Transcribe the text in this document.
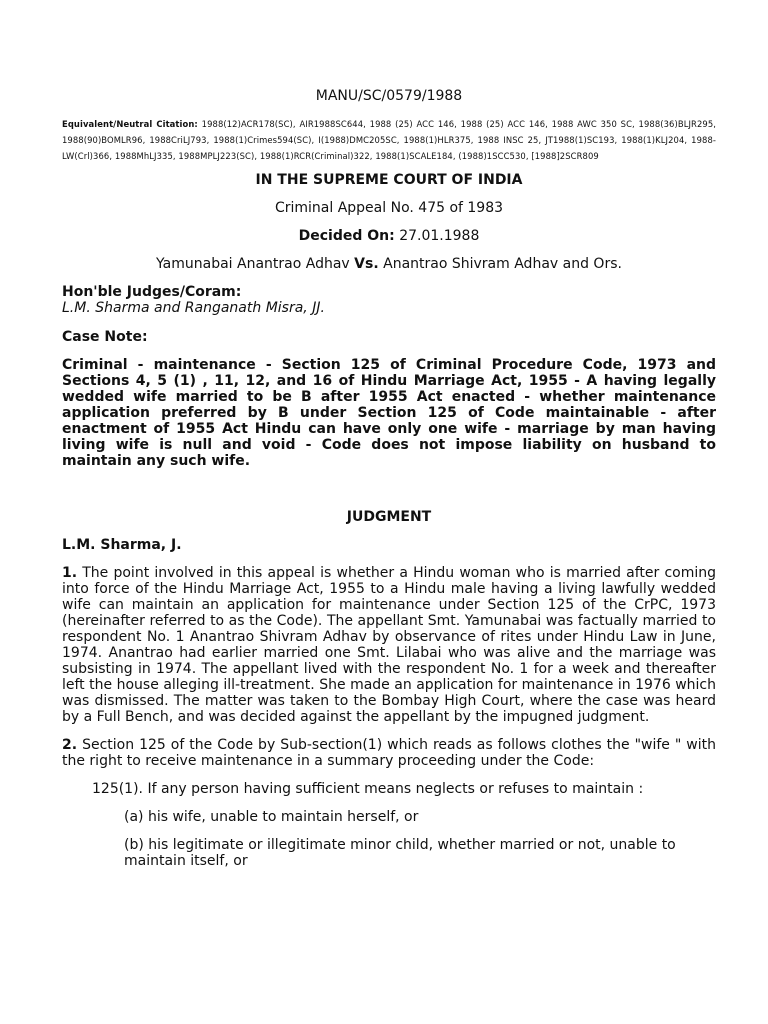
MANU/SC/0579/1988

Equivalent/Neutral Citation: 1988(12)ACR178(SC), AIR1988SC644, 1988 (25) ACC 146, 1988 (25) ACC 146, 1988 AWC 350 SC, 1988(36)BLJR295, 1988(90)BOMLR96, 1988CriLJ793, 1988(1)Crimes594(SC), I(1988)DMC205SC, 1988(1)HLR375, 1988 INSC 25, JT1988(1)SC193, 1988(1)KLJ204, 1988-LW(Crl)366, 1988MhLJ335, 1988MPLJ223(SC), 1988(1)RCR(Criminal)322, 1988(1)SCALE184, (1988)1SCC530, [1988]2SCR809

IN THE SUPREME COURT OF INDIA

Criminal Appeal No. 475 of 1983

Decided On: 27.01.1988

Yamunabai Anantrao Adhav Vs. Anantrao Shivram Adhav and Ors.

Hon'ble Judges/Coram:

L.M. Sharma and Ranganath Misra, JJ.

Case Note:

Criminal - maintenance - Section 125 of Criminal Procedure Code, 1973 and Sections 4, 5 (1) , 11, 12, and 16 of Hindu Marriage Act, 1955 - A having legally wedded wife married to be B after 1955 Act enacted - whether maintenance application preferred by B under Section 125 of Code maintainable - after enactment of 1955 Act Hindu can have only one wife - marriage by man having living wife is null and void - Code does not impose liability on husband to maintain any such wife.

JUDGMENT

L.M. Sharma, J.

1. The point involved in this appeal is whether a Hindu woman who is married after coming into force of the Hindu Marriage Act, 1955 to a Hindu male having a living lawfully wedded wife can maintain an application for maintenance under Section 125 of the CrPC, 1973 (hereinafter referred to as the Code). The appellant Smt. Yamunabai was factually married to respondent No. 1 Anantrao Shivram Adhav by observance of rites under Hindu Law in June, 1974. Anantrao had earlier married one Smt. Lilabai who was alive and the marriage was subsisting in 1974. The appellant lived with the respondent No. 1 for a week and thereafter left the house alleging ill-treatment. She made an application for maintenance in 1976 which was dismissed. The matter was taken to the Bombay High Court, where the case was heard by a Full Bench, and was decided against the appellant by the impugned judgment.

2. Section 125 of the Code by Sub-section(1) which reads as follows clothes the "wife " with the right to receive maintenance in a summary proceeding under the Code:

125(1). If any person having sufficient means neglects or refuses to maintain :

(a) his wife, unable to maintain herself, or

(b) his legitimate or illegitimate minor child, whether married or not, unable to maintain itself, or
